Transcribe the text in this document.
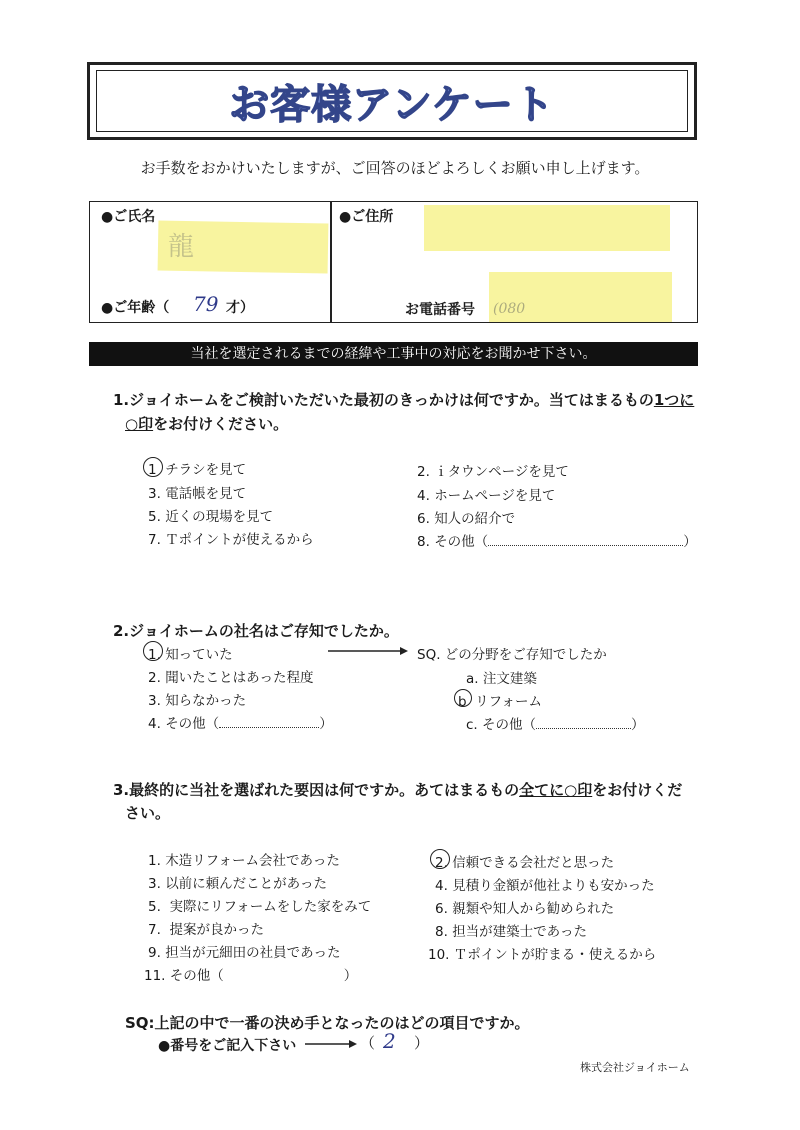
お客様アンケート
お手数をおかけいたしますが、ご回答のほどよろしくお願い申し上げます。
●ご氏名
龍
●ご住所
●ご年齢（ 79 才）	お電話番号 (080
当社を選定されるまでの経緯や工事中の対応をお聞かせ下さい。
1.ジョイホームをご検討いただいた最初のきっかけは何ですか。当てはまるもの1つに
○印をお付けください。
1 チラシを見て	2. ｉタウンページを見て
3. 電話帳を見て	4. ホームページを見て
5. 近くの現場を見て	6. 知人の紹介で
7. Ｔポイントが使えるから	8. その他（	）
2.ジョイホームの社名はご存知でしたか。
1. 知っていた
2. 聞いたことはあった程度
3. 知らなかった
4. その他（	）
SQ. どの分野をご存知でしたか
a. 注文建築
b リフォーム
c. その他（	）
3.最終的に当社を選ばれた要因は何ですか。あてはまるもの全てに○印をお付けくだ
さい。
1. 木造リフォーム会社であった	2. 信頼できる会社だと思った
3. 以前に頼んだことがあった	4. 見積り金額が他社よりも安かった
5. 実際にリフォームをした家をみて	6. 親類や知人から勧められた
7. 提案が良かった	8. 担当が建築士であった
9. 担当が元細田の社員であった	10. Ｔポイントが貯まる・使えるから
11. その他（	）
SQ:上記の中で一番の決め手となったのはどの項目ですか。
●番号をご記入下さい	（ 2 ）
株式会社ジョイホーム
